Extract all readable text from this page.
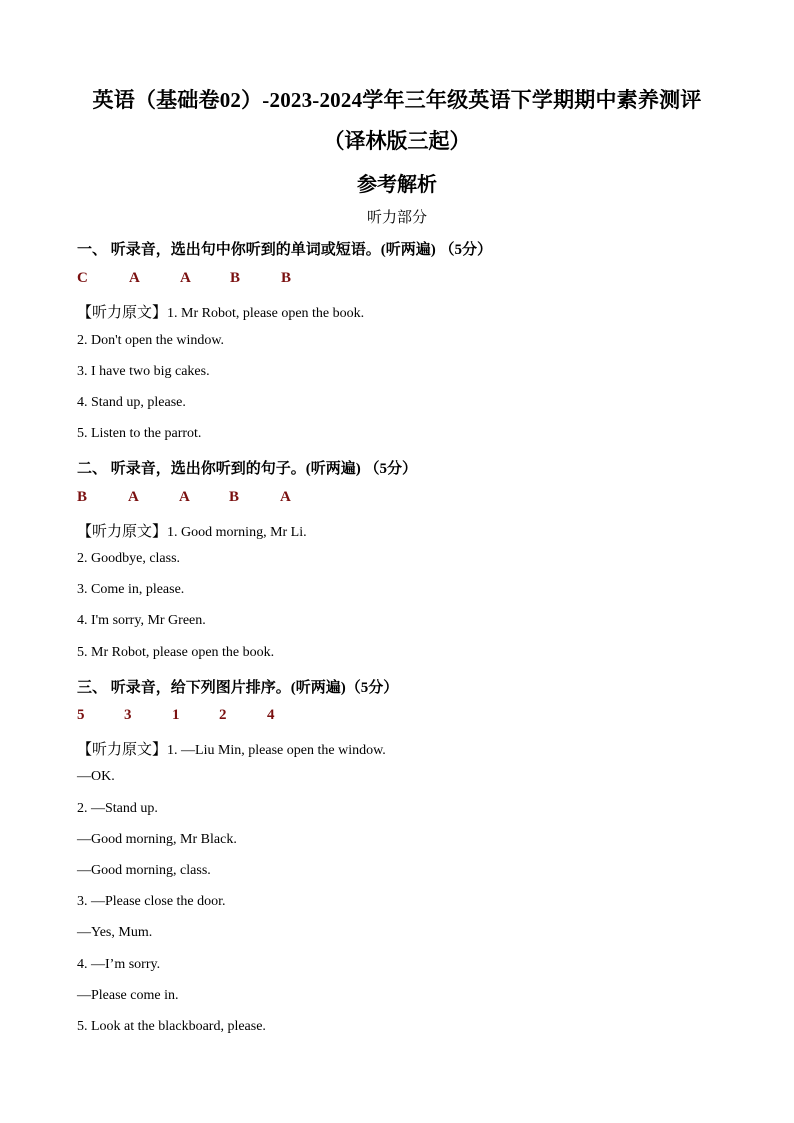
英语（基础卷02）-2023-2024学年三年级英语下学期期中素养测评
（译林版三起）
参考解析
听力部分
一、 听录音，选出句中你听到的单词或短语。(听两遍) （5分）
C	A	A	B	B
【听力原文】1. Mr Robot, please open the book.
2. Don't open the window.
3. I have two big cakes.
4. Stand up, please.
5. Listen to the parrot.
二、 听录音，选出你听到的句子。(听两遍) （5分）
B	A	A	B	A
【听力原文】1. Good morning, Mr Li.
2. Goodbye, class.
3. Come in, please.
4. I'm sorry, Mr Green.
5. Mr Robot, please open the book.
三、 听录音，给下列图片排序。(听两遍)（5分）
5	3	1	2	4
【听力原文】1. —Liu Min, please open the window.
—OK.
2. —Stand up.
—Good morning, Mr Black.
—Good morning, class.
3. —Please close the door.
—Yes, Mum.
4. —I’m sorry.
—Please come in.
5. Look at the blackboard, please.
